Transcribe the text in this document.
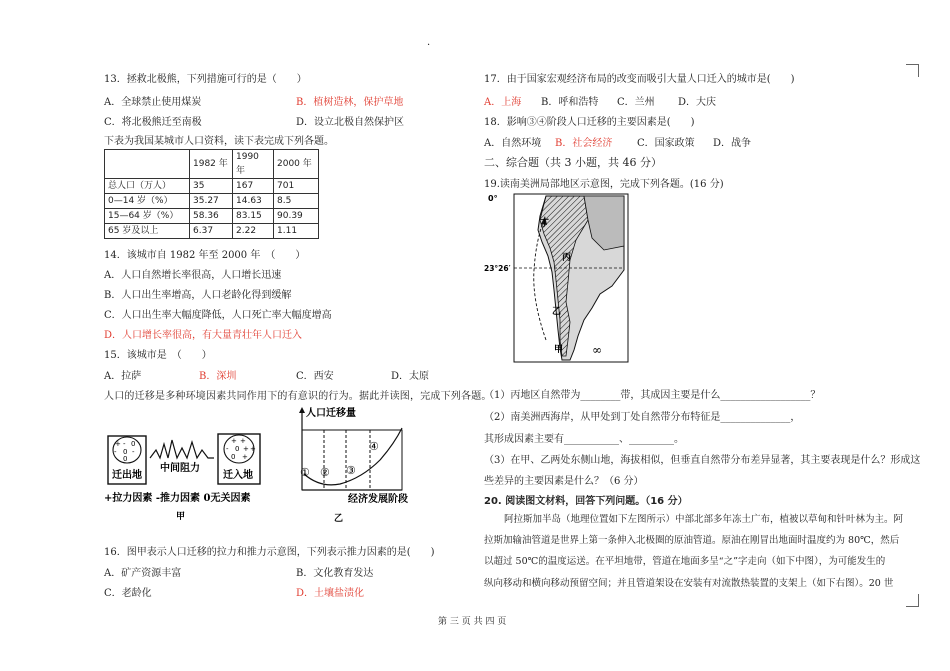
·
13．拯救北极熊，下列措施可行的是（　　）
A．全球禁止使用煤炭	B．植树造林，保护草地
C．将北极熊迁至南极	D．设立北极自然保护区
下表为我国某城市人口资料，读下表完成下列各题。
	1982 年	1990 年	2000 年
总人口（万人）	35	167	701
0—14 岁（%）	35.27	14.63	8.5
15—64 岁（%）	58.36	83.15	90.39
65 岁及以上	6.37	2.22	1.11
14．该城市自 1982 年至 2000 年　（　　）
A．人口自然增长率很高，人口增长迅速
B．人口出生率增高，人口老龄化得到缓解
C．人口出生率大幅度降低，人口死亡率大幅度增高
D．人口增长率很高，有大量青壮年人口迁入
15．该城市是　（　　）
A．拉萨	B．深圳	C．西安	D．太原
人口的迁移是多种环境因素共同作用下的有意识的行为。据此并读图，完成下列各题。
+ - 0
- 0 -
0
+ +
- 0 + +
0 +
迁出地
中间阻力
迁入地
+拉力因素 -推力因素 0无关因素
甲
人口迁移量
① ② ③
④
经济发展阶段
乙
16．图甲表示人口迁移的拉力和推力示意图，下列表示推力因素的是(　　)
A．矿产资源丰富	B．文化教育发达
C．老龄化	D．土壤盐渍化
17．由于国家宏观经济布局的改变而吸引大量人口迁入的城市是(　　)
A．上海 B．呼和浩特 C．兰州 D．大庆
18．影响③④阶段人口迁移的主要因素是(　　)
A．自然环境 B．社会经济 C．国家政策 D．战争
二、综合题（共 3 小题，共 46 分）
19.读南美洲局部地区示意图，完成下列各题。(16 分)
0°
23°26′
丁
丙
乙
甲 ∞
（1）丙地区自然带为________带，其成因主要是什么__________________？
（2）南美洲西海岸，从甲处到丁处自然带分布特征是______________，
其形成因素主要有___________、_________。
（3）在甲、乙两处东侧山地，海拔相似，但垂直自然带分布差异显著，其主要表现是什么？形成这
些差异的主要因素是什么？（6 分）
20. 阅读图文材料，回答下列问题。（16 分）
阿拉斯加半岛（地理位置如下左图所示）中部北部多年冻土广布，植被以草甸和针叶林为主。阿
拉斯加输油管道是世界上第一条伸入北极圈的原油管道。原油在刚冒出地面时温度约为 80℃，然后
以超过 50℃的温度运送。在平坦地带，管道在地面多呈“之”字走向（如下中图），为可能发生的
纵向移动和横向移动预留空间；并且管道架设在安装有对流散热装置的支架上（如下右图）。20 世
第 三 页 共 四 页
